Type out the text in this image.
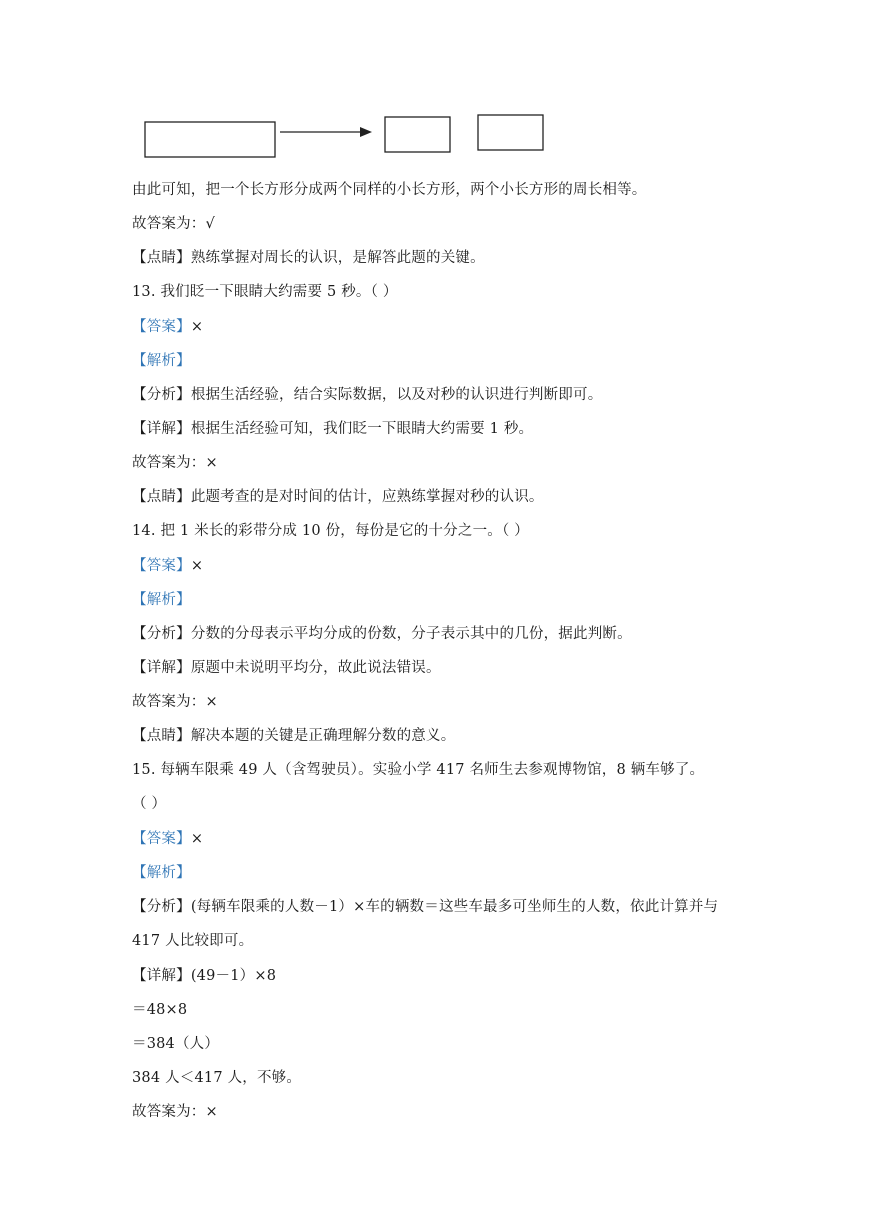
由此可知，把一个长方形分成两个同样的小长方形，两个小长方形的周长相等。
故答案为：√
【点睛】熟练掌握对周长的认识，是解答此题的关键。
13. 我们眨一下眼睛大约需要 5 秒。（ ）
【答案】×
【解析】
【分析】根据生活经验，结合实际数据，以及对秒的认识进行判断即可。
【详解】根据生活经验可知，我们眨一下眼睛大约需要 1 秒。
故答案为：×
【点睛】此题考查的是对时间的估计，应熟练掌握对秒的认识。
14. 把 1 米长的彩带分成 10 份，每份是它的十分之一。（ ）
【答案】×
【解析】
【分析】分数的分母表示平均分成的份数，分子表示其中的几份，据此判断。
【详解】原题中未说明平均分，故此说法错误。
故答案为：×
【点睛】解决本题的关键是正确理解分数的意义。
15. 每辆车限乘 49 人（含驾驶员）。实验小学 417 名师生去参观博物馆，8 辆车够了。
（ ）
【答案】×
【解析】
【分析】(每辆车限乘的人数－1）×车的辆数＝这些车最多可坐师生的人数，依此计算并与
417 人比较即可。
【详解】(49－1）×8
＝48×8
＝384（人）
384 人＜417 人，不够。
故答案为：×
